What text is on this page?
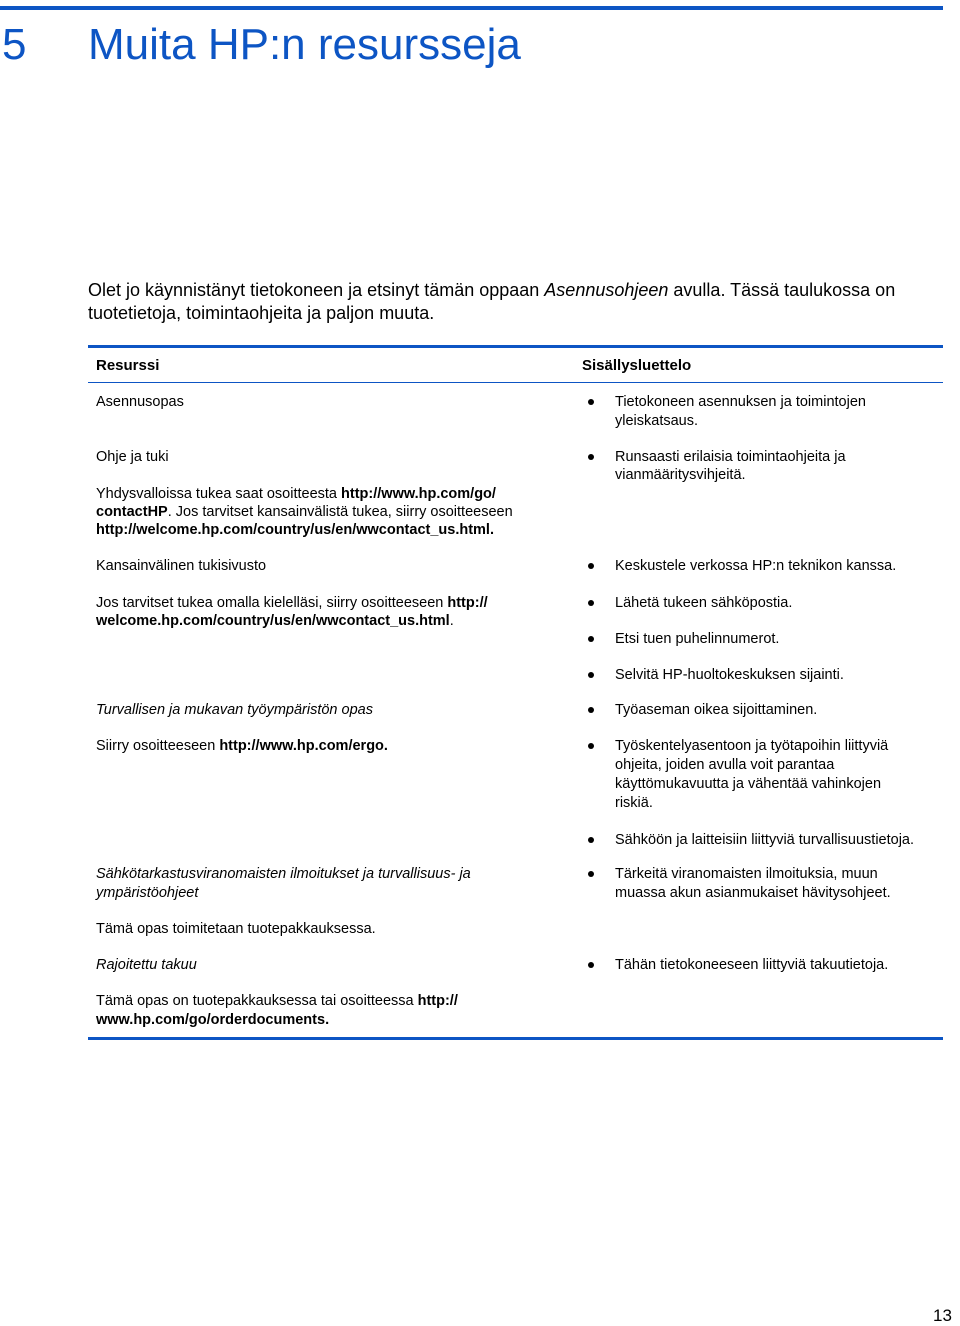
5 Muita HP:n resursseja

Olet jo käynnistänyt tietokoneen ja etsinyt tämän oppaan Asennusohjeen avulla. Tässä taulukossa on

tuotetietoja, toimintaohjeita ja paljon muuta.

Resurssi	Sisällysluettelo
Asennusopas	Tietokoneen asennuksen ja toimintojen
yleiskatsaus.
Ohje ja tuki
Yhdysvalloissa tukea saat osoitteesta http://www.hp.com/go/
contactHP. Jos tarvitset kansainvälistä tukea, siirry osoitteeseen
http://welcome.hp.com/country/us/en/wwcontact_us.html.
Runsaasti erilaisia toimintaohjeita ja
vianmääritysvihjeitä.
Kansainvälinen tukisivusto
Jos tarvitset tukea omalla kielelläsi, siirry osoitteeseen http://
welcome.hp.com/country/us/en/wwcontact_us.html.
Keskustele verkossa HP:n teknikon kanssa.
Lähetä tukeen sähköpostia.
Etsi tuen puhelinnumerot.
Selvitä HP-huoltokeskuksen sijainti.
Turvallisen ja mukavan työympäristön opas
Siirry osoitteeseen http://www.hp.com/ergo.
Työaseman oikea sijoittaminen.
Työskentelyasentoon ja työtapoihin liittyviä
ohjeita, joiden avulla voit parantaa
käyttömukavuutta ja vähentää vahinkojen
riskiä.
Sähköön ja laitteisiin liittyviä turvallisuustietoja.
Sähkötarkastusviranomaisten ilmoitukset ja turvallisuus- ja
ympäristöohjeet
Tämä opas toimitetaan tuotepakkauksessa.
Tärkeitä viranomaisten ilmoituksia, muun
muassa akun asianmukaiset hävitysohjeet.
Rajoitettu takuu
Tämä opas on tuotepakkauksessa tai osoitteessa http://
www.hp.com/go/orderdocuments.
Tähän tietokoneeseen liittyviä takuutietoja.
13
